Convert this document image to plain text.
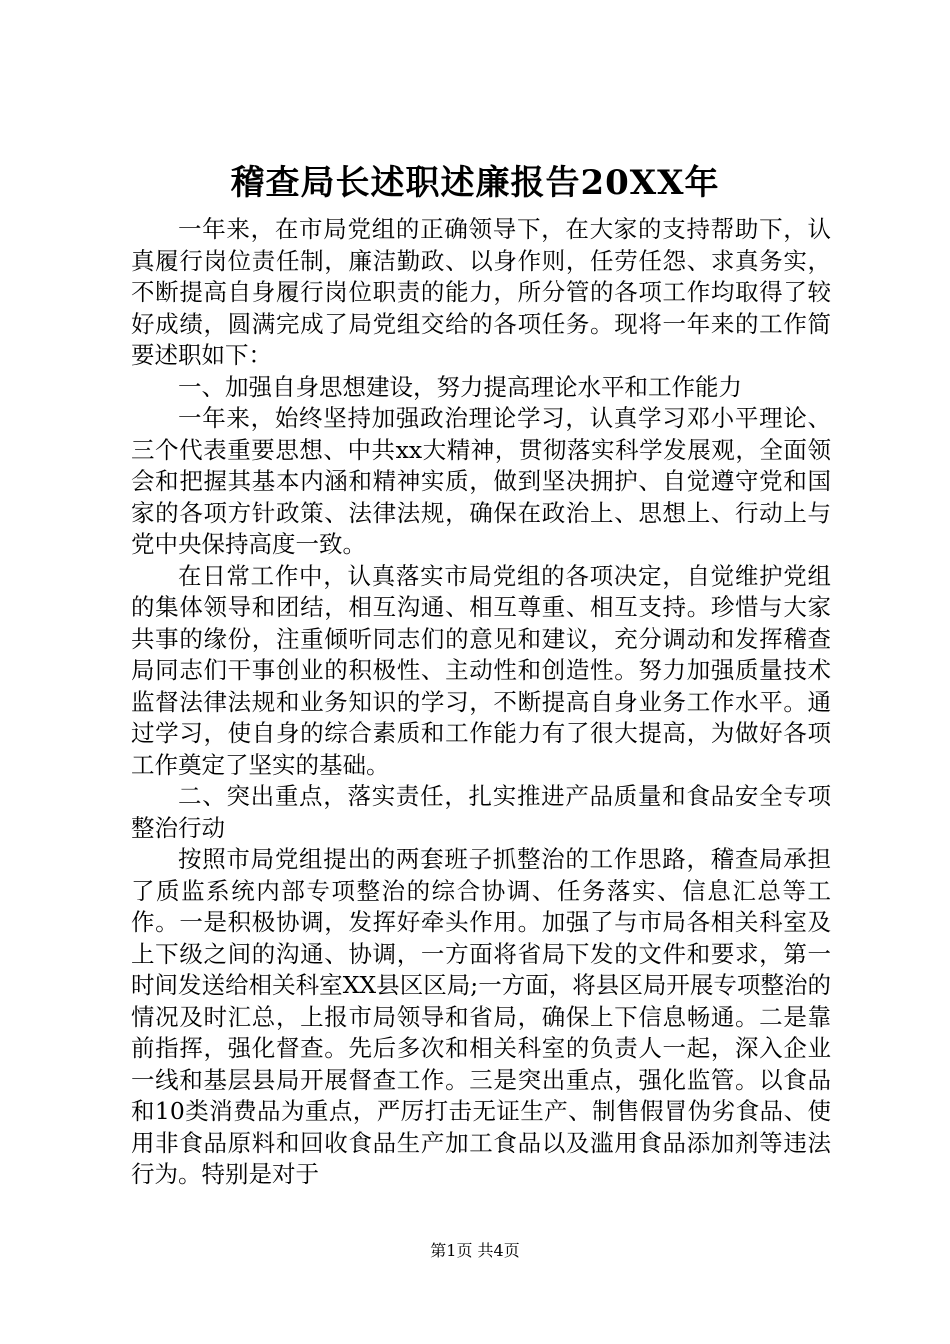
稽查局长述职述廉报告20XX年

一年来，在市局党组的正确领导下，在大家的支持帮助下，认真履行岗位责任制，廉洁勤政、以身作则，任劳任怨、求真务实，不断提高自身履行岗位职责的能力，所分管的各项工作均取得了较好成绩，圆满完成了局党组交给的各项任务。现将一年来的工作简要述职如下：

一、加强自身思想建设，努力提高理论水平和工作能力

一年来，始终坚持加强政治理论学习，认真学习邓小平理论、三个代表重要思想、中共xx大精神，贯彻落实科学发展观，全面领会和把握其基本内涵和精神实质，做到坚决拥护、自觉遵守党和国家的各项方针政策、法律法规，确保在政治上、思想上、行动上与党中央保持高度一致。

在日常工作中，认真落实市局党组的各项决定，自觉维护党组的集体领导和团结，相互沟通、相互尊重、相互支持。珍惜与大家共事的缘份，注重倾听同志们的意见和建议，充分调动和发挥稽查局同志们干事创业的积极性、主动性和创造性。努力加强质量技术监督法律法规和业务知识的学习，不断提高自身业务工作水平。通过学习，使自身的综合素质和工作能力有了很大提高，为做好各项工作奠定了坚实的基础。

二、突出重点，落实责任，扎实推进产品质量和食品安全专项整治行动

按照市局党组提出的两套班子抓整治的工作思路，稽查局承担了质监系统内部专项整治的综合协调、任务落实、信息汇总等工作。一是积极协调，发挥好牵头作用。加强了与市局各相关科室及上下级之间的沟通、协调，一方面将省局下发的文件和要求，第一时间发送给相关科室XX县区区局;一方面，将县区局开展专项整治的情况及时汇总，上报市局领导和省局，确保上下信息畅通。二是靠前指挥，强化督查。先后多次和相关科室的负责人一起，深入企业一线和基层县局开展督查工作。三是突出重点，强化监管。以食品和10类消费品为重点，严厉打击无证生产、制售假冒伪劣食品、使用非食品原料和回收食品生产加工食品以及滥用食品添加剂等违法行为。特别是对于

第1页 共4页
